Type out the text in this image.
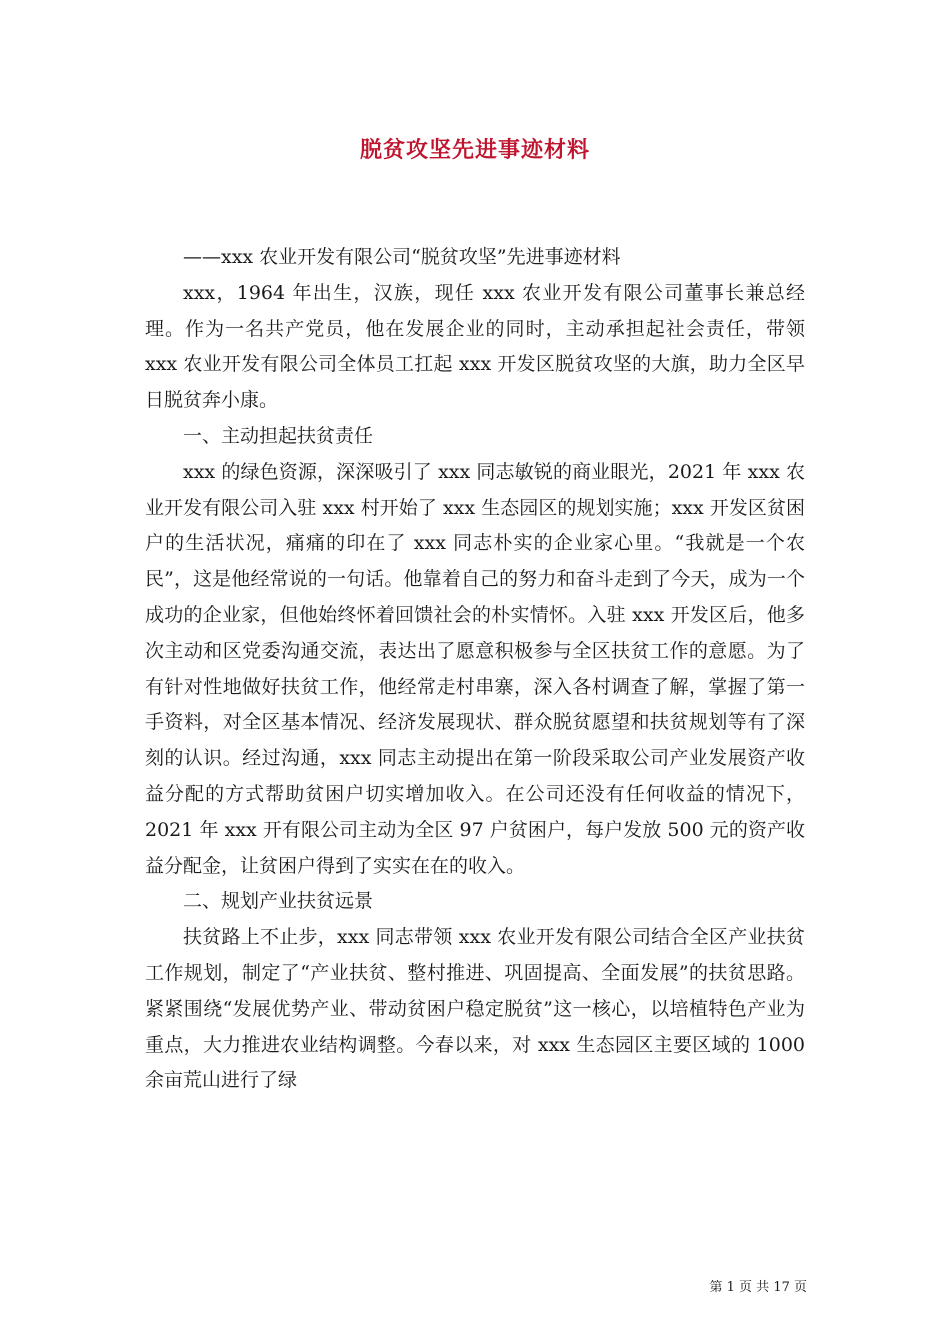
脱贫攻坚先进事迹材料

——xxx 农业开发有限公司“脱贫攻坚”先进事迹材料

xxx，1964 年出生，汉族，现任 xxx 农业开发有限公司董事长兼总经理。作为一名共产党员，他在发展企业的同时，主动承担起社会责任，带领 xxx 农业开发有限公司全体员工扛起 xxx 开发区脱贫攻坚的大旗，助力全区早日脱贫奔小康。

一、主动担起扶贫责任

xxx 的绿色资源，深深吸引了 xxx 同志敏锐的商业眼光，2021 年 xxx 农业开发有限公司入驻 xxx 村开始了 xxx 生态园区的规划实施；xxx 开发区贫困户的生活状况，痛痛的印在了 xxx 同志朴实的企业家心里。“我就是一个农民”，这是他经常说的一句话。他靠着自己的努力和奋斗走到了今天，成为一个成功的企业家，但他始终怀着回馈社会的朴实情怀。入驻 xxx 开发区后，他多次主动和区党委沟通交流，表达出了愿意积极参与全区扶贫工作的意愿。为了有针对性地做好扶贫工作，他经常走村串寨，深入各村调查了解，掌握了第一手资料，对全区基本情况、经济发展现状、群众脱贫愿望和扶贫规划等有了深刻的认识。经过沟通，xxx 同志主动提出在第一阶段采取公司产业发展资产收益分配的方式帮助贫困户切实增加收入。在公司还没有任何收益的情况下，2021 年 xxx 开有限公司主动为全区 97 户贫困户，每户发放 500 元的资产收益分配金，让贫困户得到了实实在在的收入。

二、规划产业扶贫远景

扶贫路上不止步，xxx 同志带领 xxx 农业开发有限公司结合全区产业扶贫工作规划，制定了“产业扶贫、整村推进、巩固提高、全面发展”的扶贫思路。紧紧围绕“发展优势产业、带动贫困户稳定脱贫”这一核心，以培植特色产业为重点，大力推进农业结构调整。今春以来，对 xxx 生态园区主要区域的 1000 余亩荒山进行了绿

第 1 页 共 17 页
